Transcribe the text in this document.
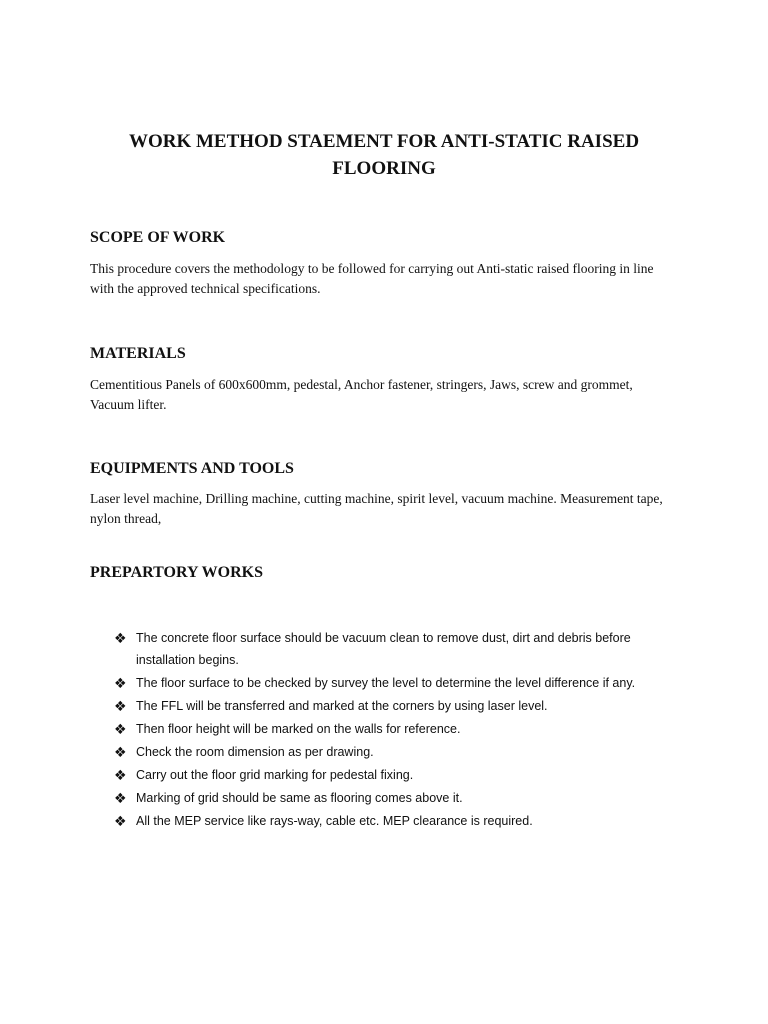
WORK METHOD STAEMENT FOR ANTI-STATIC RAISED FLOORING
SCOPE OF WORK

This procedure covers the methodology to be followed for carrying out Anti-static raised flooring in line with the approved technical specifications.

MATERIALS

Cementitious Panels of 600x600mm, pedestal, Anchor fastener, stringers, Jaws, screw and grommet, Vacuum lifter.

EQUIPMENTS AND TOOLS

Laser level machine, Drilling machine, cutting machine, spirit level, vacuum machine. Measurement tape, nylon thread,

PREPARTORY WORKS
❖ The concrete floor surface should be vacuum clean to remove dust, dirt and debris before installation begins.
❖ The floor surface to be checked by survey the level to determine the level difference if any.
❖ The FFL will be transferred and marked at the corners by using laser level.
❖ Then floor height will be marked on the walls for reference.
❖ Check the room dimension as per drawing.
❖ Carry out the floor grid marking for pedestal fixing.
❖ Marking of grid should be same as flooring comes above it.
❖ All the MEP service like rays-way, cable etc. MEP clearance is required.
